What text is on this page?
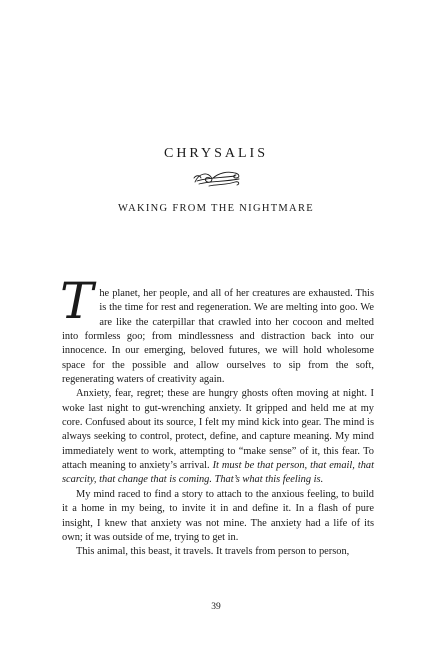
CHRYSALIS
WAKING FROM THE NIGHTMARE

The planet, her people, and all of her creatures are exhausted. This is the time for rest and regeneration. We are melting into goo. We are like the caterpillar that crawled into her cocoon and melted into formless goo; from mindlessness and distraction back into our innocence. In our emerging, beloved futures, we will hold wholesome space for the possible and allow ourselves to sip from the soft, regenerating waters of creativity again.

Anxiety, fear, regret; these are hungry ghosts often moving at night. I woke last night to gut-wrenching anxiety. It gripped and held me at my core. Confused about its source, I felt my mind kick into gear. The mind is always seeking to control, protect, define, and capture meaning. My mind immediately went to work, attempting to “make sense” of it, this fear. To attach meaning to anxiety’s arrival. It must be that person, that email, that scarcity, that change that is coming. That’s what this feeling is.

My mind raced to find a story to attach to the anxious feeling, to build it a home in my being, to invite it in and define it. In a flash of pure insight, I knew that anxiety was not mine. The anxiety had a life of its own; it was outside of me, trying to get in.

This animal, this beast, it travels. It travels from person to person,

39
